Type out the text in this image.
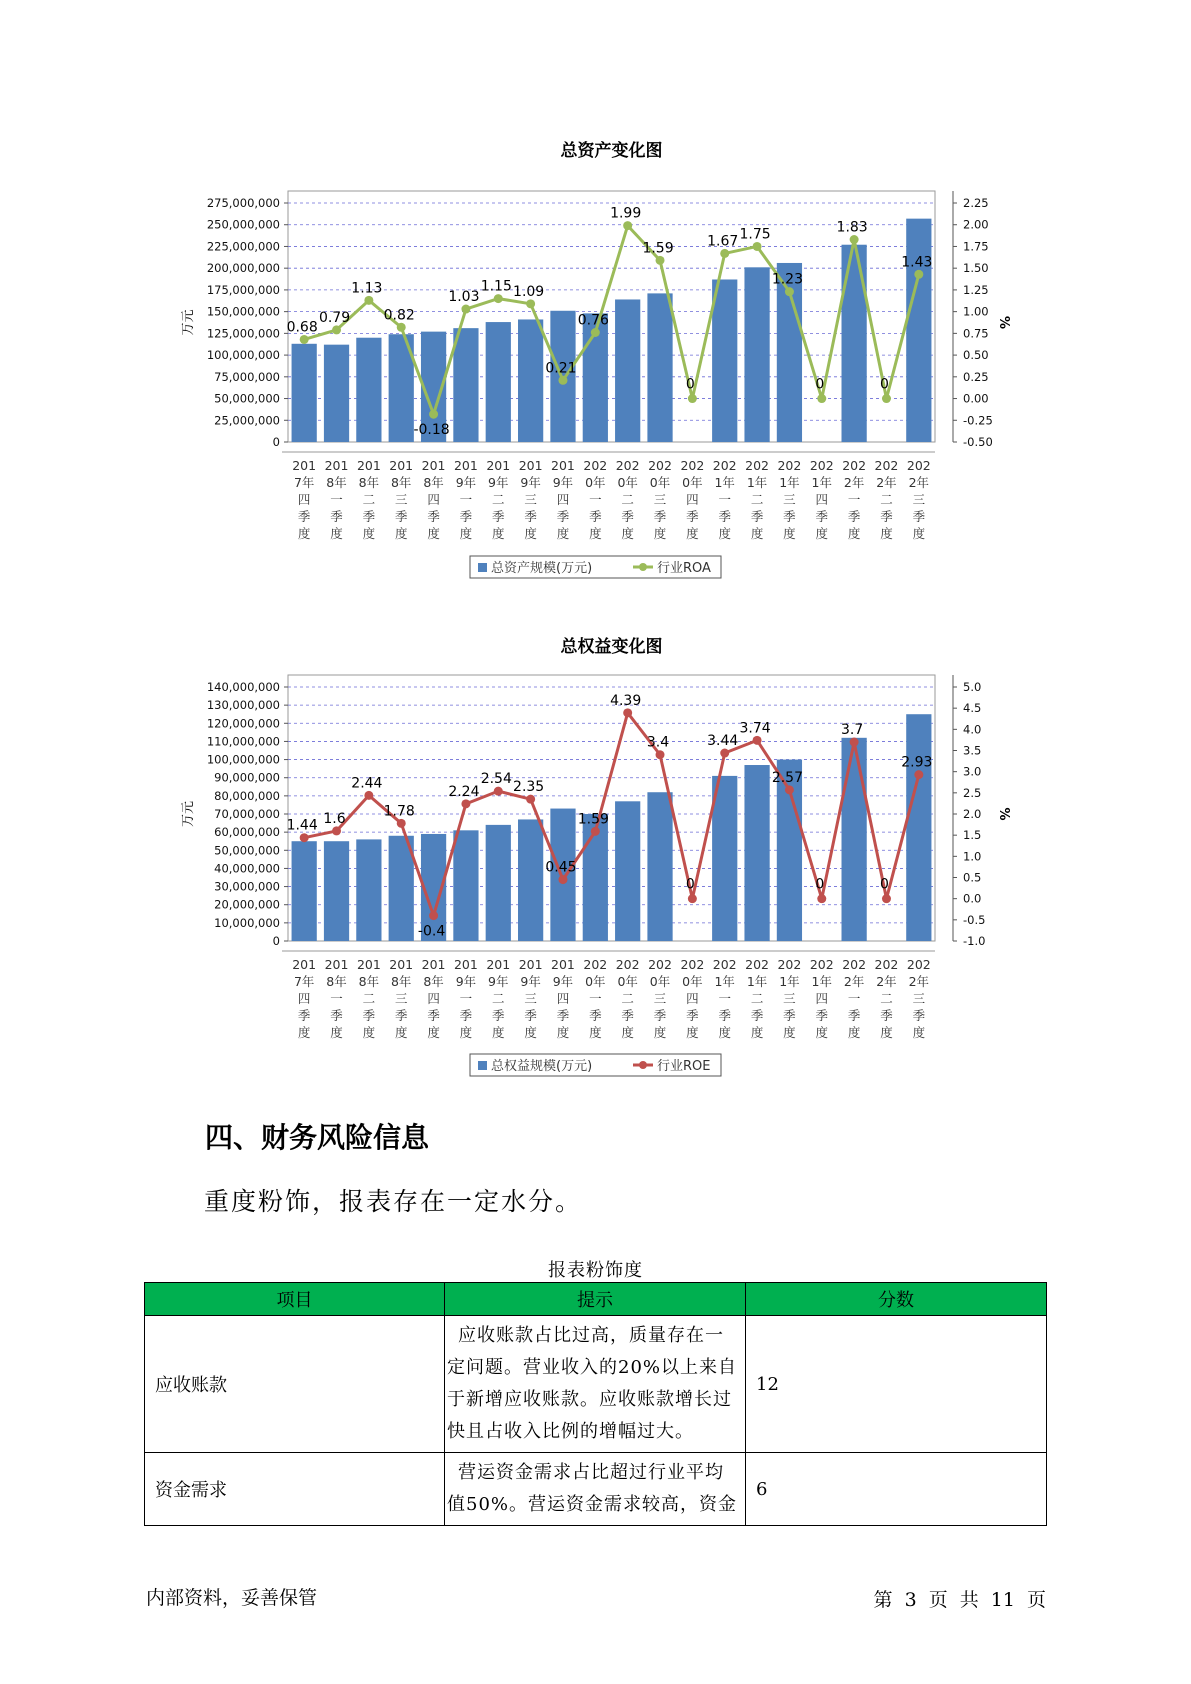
总资产变化图
275,000,000
250,000,000
225,000,000
200,000,000
175,000,000
150,000,000
125,000,000
100,000,000
75,000,000
50,000,000
25,000,000
0
2.25
2.00
1.75
1.50
1.25
1.00
0.75
0.50
0.25
0.00
-0.25
-0.50
万元	%
201
7年
四
季
度
201
8年
一
季
度
201
8年
二
季
度
201
8年
三
季
度
201
8年
四
季
度
201
9年
一
季
度
201
9年
二
季
度
201
9年
三
季
度
201
9年
四
季
度
202
0年
一
季
度
202
0年
二
季
度
202
0年
三
季
度
202
0年
四
季
度
202
1年
一
季
度
202
1年
二
季
度
202
1年
三
季
度
202
1年
四
季
度
202
2年
一
季
度
202
2年
二
季
度
202
2年
三
季
度
0.68
0.79
1.13
0.82
-0.18
1.03
1.15 1.09
0.21
0.76
1.99
1.59
0
1.67 1.75
1.23
0
1.83
0
1.43
总资产规模(万元)	行业ROA
总权益变化图
140,000,000
130,000,000
120,000,000
110,000,000
100,000,000
90,000,000
80,000,000
70,000,000
60,000,000
50,000,000
40,000,000
30,000,000
20,000,000
10,000,000
0
5.0
4.5
4.0
3.5
3.0
2.5
2.0
1.5
1.0
0.5
0.0
-0.5
-1.0
万元	%
201
7年
四
季
度
201
8年
一
季
度
201
8年
二
季
度
201
8年
三
季
度
201
8年
四
季
度
201
9年
一
季
度
201
9年
二
季
度
201
9年
三
季
度
201
9年
四
季
度
202
0年
一
季
度
202
0年
二
季
度
202
0年
三
季
度
202
0年
四
季
度
202
1年
一
季
度
202
1年
二
季
度
202
1年
三
季
度
202
1年
四
季
度
202
2年
一
季
度
202
2年
二
季
度
202
2年
三
季
度
1.44 1.6
2.44
1.78
-0.4
2.24
2.54
2.35
0.45
1.59
4.39
3.4
0
3.44
3.74
2.57
0
3.7
0
2.93
总权益规模(万元)	行业ROE
四、财务风险信息

重度粉饰，报表存在一定水分。

报表粉饰度
项目	提示	分数
应收账款	应收账款占比过高，质量存在一

定问题。营业收入的20%以上来自

于新增应收账款。应收账款增长过

快且占收入比例的增幅过大。	12
资金需求	营运资金需求占比超过行业平均

值50%。营运资金需求较高，资金	6
内部资料，妥善保管	第 3 页 共 11 页
